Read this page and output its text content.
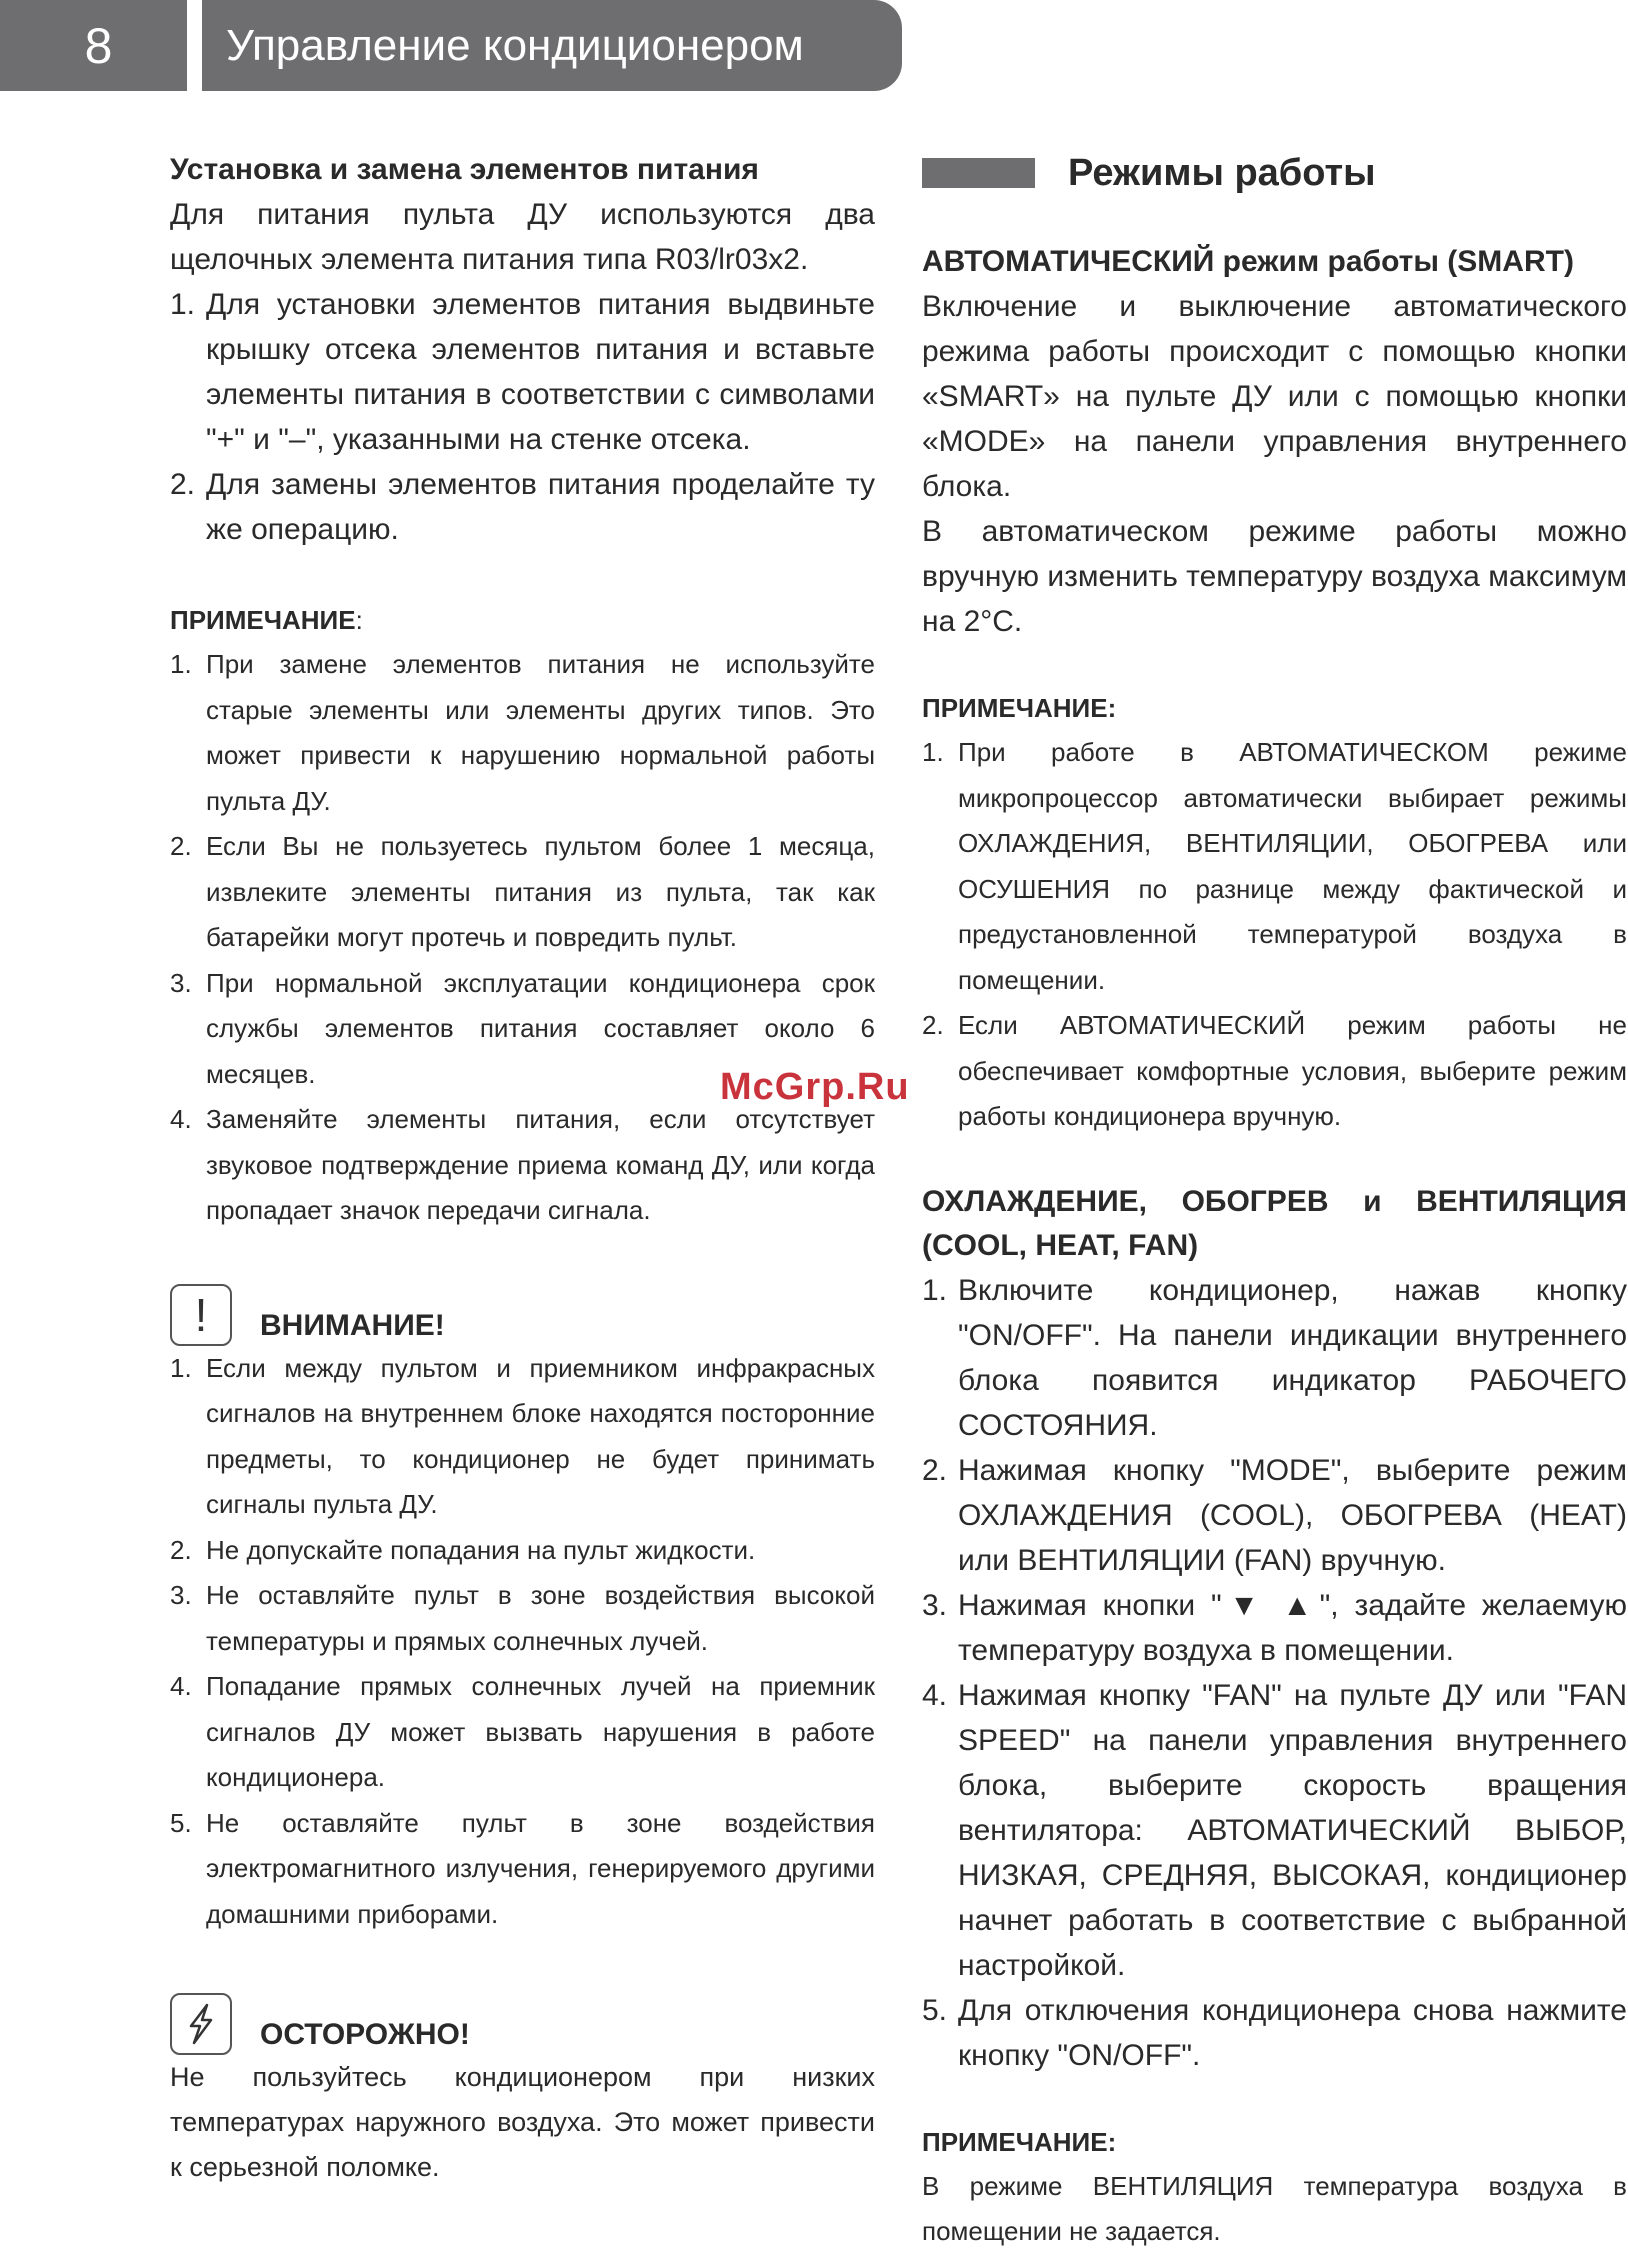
8	Управление кондиционером
Установка и замена элементов питания

Для питания пульта ДУ используются два щелочных элемента питания типа R03/lr03x2.

1. Для установки элементов питания выдвиньте крышку отсека элементов питания и вставьте элементы питания в соответствии с символами "+" и "–", указанными на стенке отсека.
2. Для замены элементов питания проделайте ту же операцию.

ПРИМЕЧАНИЕ:

1. При замене элементов питания не используйте старые элементы или элементы других типов. Это может привести к нарушению нормальной работы пульта ДУ.
2. Если Вы не пользуетесь пультом более 1 месяца, извлеките элементы питания из пульта, так как батарейки могут протечь и повредить пульт.
3. При нормальной эксплуатации кондиционера срок службы элементов питания составляет около 6 месяцев.
4. Заменяйте элементы питания, если отсутствует звуковое подтверждение приема команд ДУ, или когда пропадает значок передачи сигнала.
!	ВНИМАНИЕ!
1. Если между пультом и приемником инфракрасных сигналов на внутреннем блоке находятся посторонние предметы, то кондиционер не будет принимать сигналы пульта ДУ.
2. Не допускайте попадания на пульт жидкости.
3. Не оставляйте пульт в зоне воздействия высокой температуры и прямых солнечных лучей.
4. Попадание прямых солнечных лучей на приемник сигналов ДУ может вызвать нарушения в работе кондиционера.
5. Не оставляйте пульт в зоне воздействия электромагнитного излучения, генерируемого другими домашними приборами.
ОСТОРОЖНО!

Не пользуйтесь кондиционером при низких температурах наружного воздуха. Это может привести к серьезной поломке.

Режимы работы
АВТОМАТИЧЕСКИЙ режим работы (SMART)

Включение и выключение автоматического режима работы происходит с помощью кнопки «SMART» на пульте ДУ или с помощью кнопки «MODE» на панели управления внутреннего блока.

В автоматическом режиме работы можно вручную изменить температуру воздуха максимум на 2°С.

ПРИМЕЧАНИЕ:

1. При работе в АВТОМАТИЧЕСКОМ режиме микропроцессор автоматически выбирает режимы ОХЛАЖДЕНИЯ, ВЕНТИЛЯЦИИ, ОБОГРЕВА или ОСУШЕНИЯ по разнице между фактической и предустановленной температурой воздуха в помещении.
2. Если АВТОМАТИЧЕСКИЙ режим работы не обеспечивает комфортные условия, выберите режим работы кондиционера вручную.
ОХЛАЖДЕНИЕ, ОБОГРЕВ и ВЕНТИЛЯЦИЯ
(COOL, HEAT, FAN)
1. Включите кондиционер, нажав кнопку "ON/OFF". На панели индикации внутреннего блока появится индикатор РАБОЧЕГО СОСТОЯНИЯ.
2. Нажимая кнопку "MODE", выберите режим ОХЛАЖДЕНИЯ (COOL), ОБОГРЕВА (HEAT) или ВЕНТИЛЯЦИИ (FAN) вручную.
3. Нажимая кнопки "▼ ▲", задайте желаемую температуру воздуха в помещении.
4. Нажимая кнопку "FAN" на пульте ДУ или "FAN SPEED" на панели управления внутреннего блока, выберите скорость вращения вентилятора: АВТОМАТИЧЕСКИЙ ВЫБОР, НИЗКАЯ, СРЕДНЯЯ, ВЫСОКАЯ, кондиционер начнет работать в соответствие с выбранной настройкой.
5. Для отключения кондиционера снова нажмите кнопку "ON/OFF".

ПРИМЕЧАНИЕ:

В режиме ВЕНТИЛЯЦИЯ температура воздуха в помещении не задается.

McGrp.Ru
